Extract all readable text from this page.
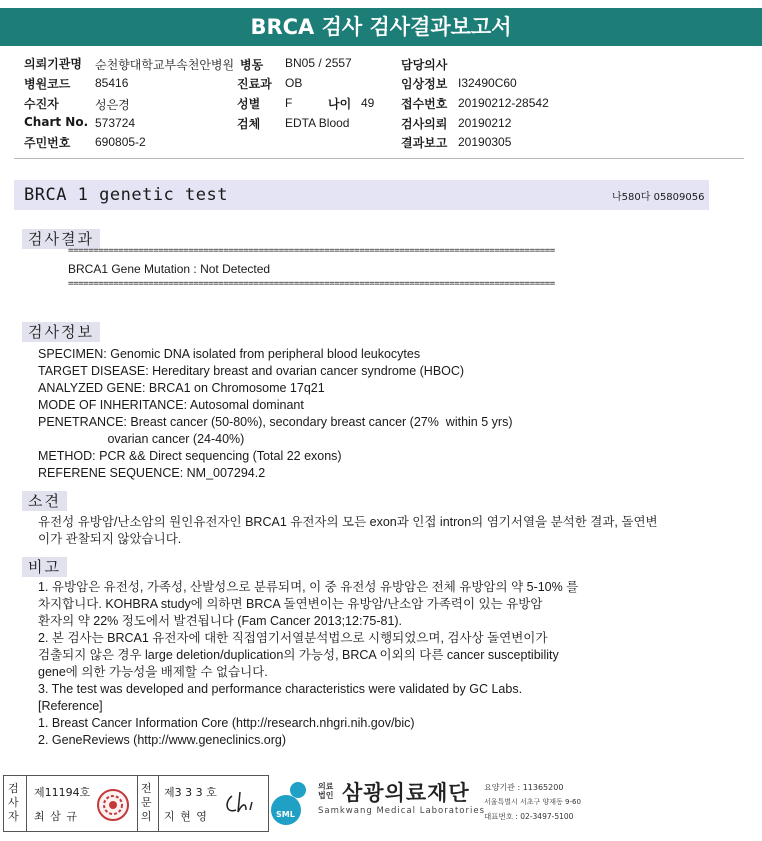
BRCA 검사 검사결과보고서
의뢰기관명 순천향대학교부속천안병원 병동 BN05 / 2557	담당의사
병원코드 85416	진료과 OB	임상정보 I32490C60
수진자	성은경	성별 F	나이 49 접수번호 20190212-28542
Chart No. 573724	검체 EDTA Blood	검사의뢰 20190212
주민번호 690805-2	결과보고 20190305
BRCA 1 genetic test	나580다 05809056
검사결과
=================================================================================================
BRCA1 Gene Mutation : Not Detected
=================================================================================================
검사정보
SPECIMEN: Genomic DNA isolated from peripheral blood leukocytes
TARGET DISEASE: Hereditary breast and ovarian cancer syndrome (HBOC)
ANALYZED GENE: BRCA1 on Chromosome 17q21
MODE OF INHERITANCE: Autosomal dominant
PENETRANCE: Breast cancer (50-80%), secondary breast cancer (27%  within 5 yrs)
ovarian cancer (24-40%)
METHOD: PCR && Direct sequencing (Total 22 exons)
REFERENE SEQUENCE: NM_007294.2
소견
유전성 유방암/난소암의 원인유전자인 BRCA1 유전자의 모든 exon과 인접 intron의 염기서열을 분석한 결과, 돌연변
이가 관찰되지 않았습니다.
비고
1. 유방암은 유전성, 가족성, 산발성으로 분류되며, 이 중 유전성 유방암은 전체 유방암의 약 5-10% 를
차지합니다. KOHBRA study에 의하면 BRCA 돌연변이는 유방암/난소암 가족력이 있는 유방암
환자의 약 22% 정도에서 발견됩니다 (Fam Cancer 2013;12:75-81).
2. 본 검사는 BRCA1 유전자에 대한 직접염기서열분석법으로 시행되었으며, 검사상 돌연변이가
검출되지 않은 경우 large deletion/duplication의 가능성, BRCA 이외의 다른 cancer susceptibility
gene에 의한 가능성을 배제할 수 없습니다.
3. The test was developed and performance characteristics were validated by GC Labs.
[Reference]
1. Breast Cancer Information Core (http://research.nhgri.nih.gov/bic)
2. GeneReviews (http://www.geneclinics.org)
검사자
제11194호
최 삼 규
전문의
제3 3 3 호
지 현 영	SML
의료법인 삼광의료재단
Samkwang Medical Laboratories
요양기관 : 11365200
서울특별시 서초구 양재동 9-60
대표번호 : 02-3497-5100
